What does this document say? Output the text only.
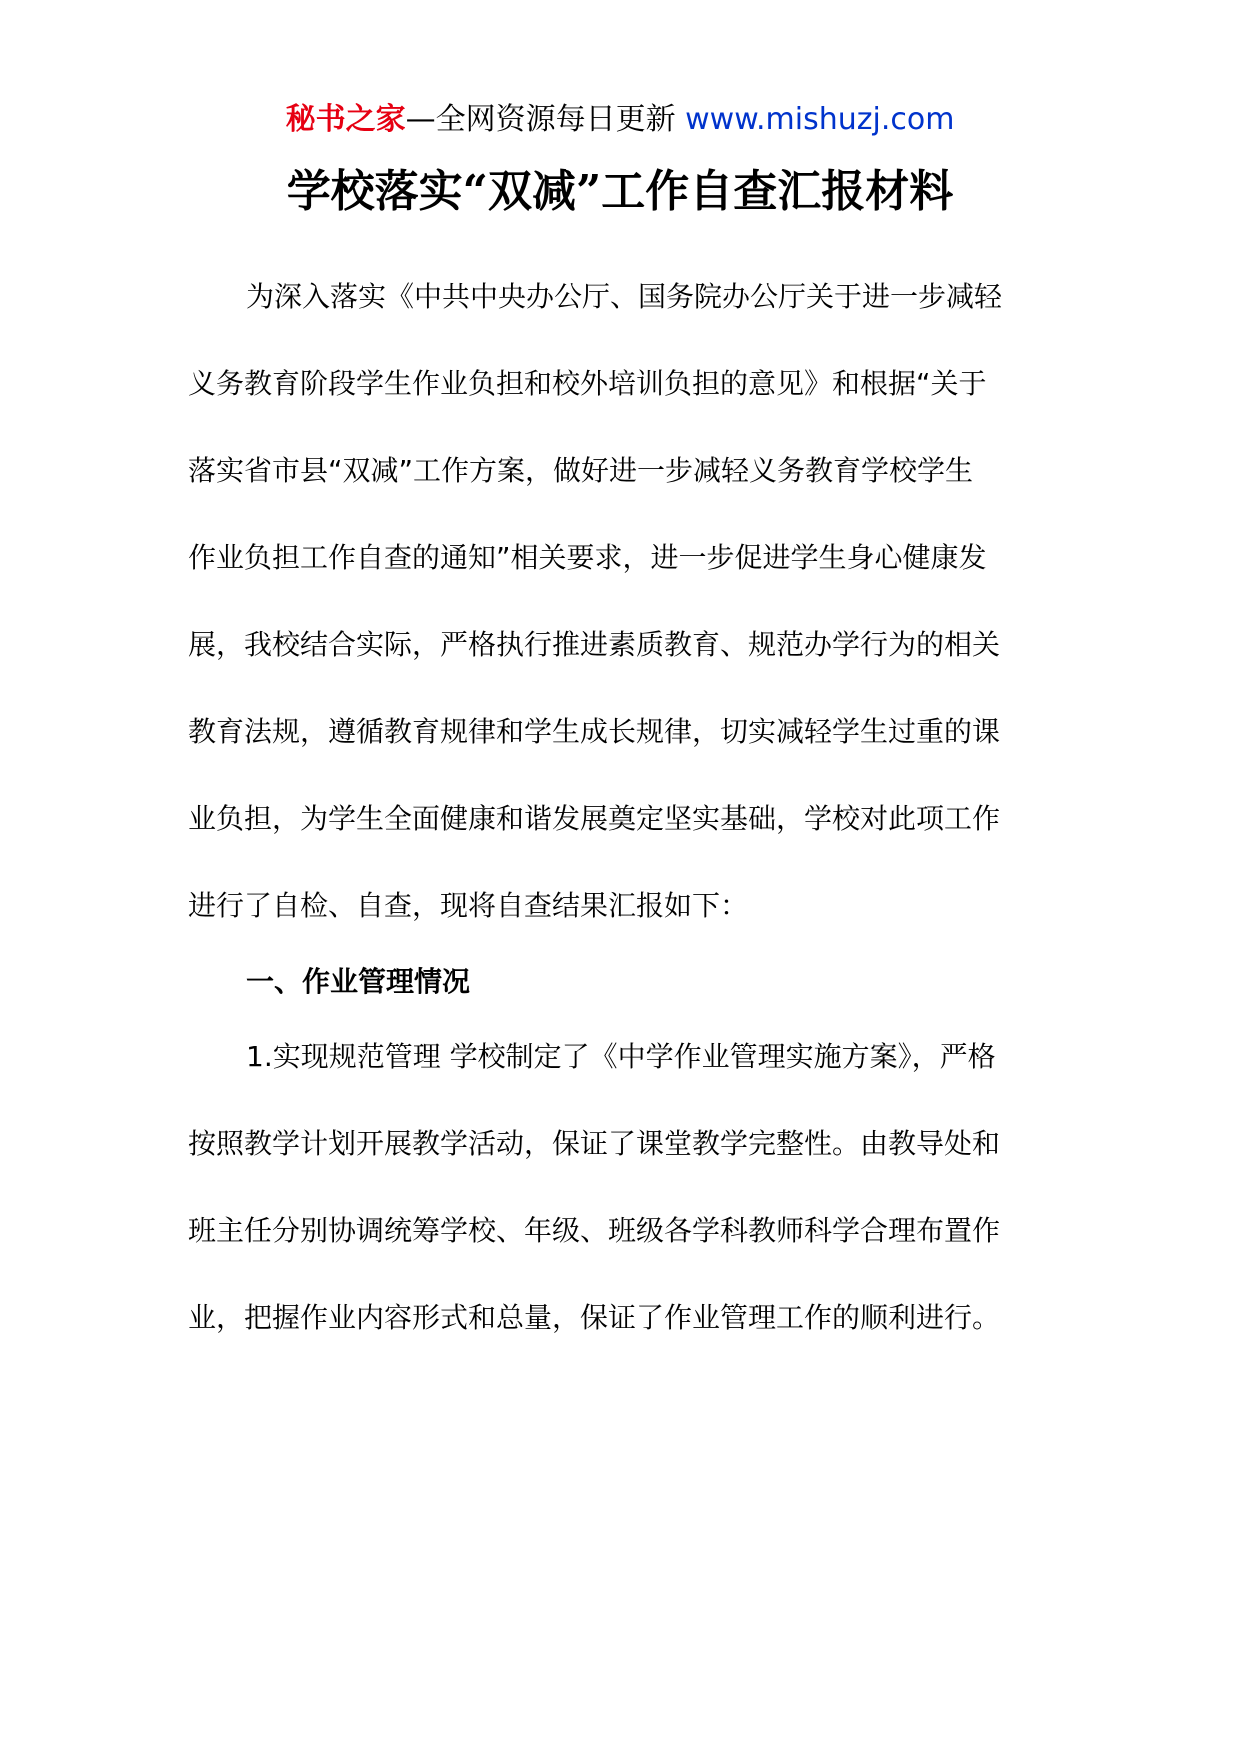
秘书之家—全网资源每日更新 www.mishuzj.com
学校落实“双减”工作自查汇报材料
为深入落实《中共中央办公厅、国务院办公厅关于进一步减轻
义务教育阶段学生作业负担和校外培训负担的意见》和根据“关于
落实省市县“双减”工作方案，做好进一步减轻义务教育学校学生
作业负担工作自查的通知”相关要求，进一步促进学生身心健康发
展，我校结合实际，严格执行推进素质教育、规范办学行为的相关
教育法规，遵循教育规律和学生成长规律，切实减轻学生过重的课
业负担，为学生全面健康和谐发展奠定坚实基础，学校对此项工作
进行了自检、自查，现将自查结果汇报如下：
一、作业管理情况
1.实现规范管理 学校制定了《中学作业管理实施方案》，严格
按照教学计划开展教学活动，保证了课堂教学完整性。由教导处和
班主任分别协调统筹学校、年级、班级各学科教师科学合理布置作
业，把握作业内容形式和总量，保证了作业管理工作的顺利进行。
